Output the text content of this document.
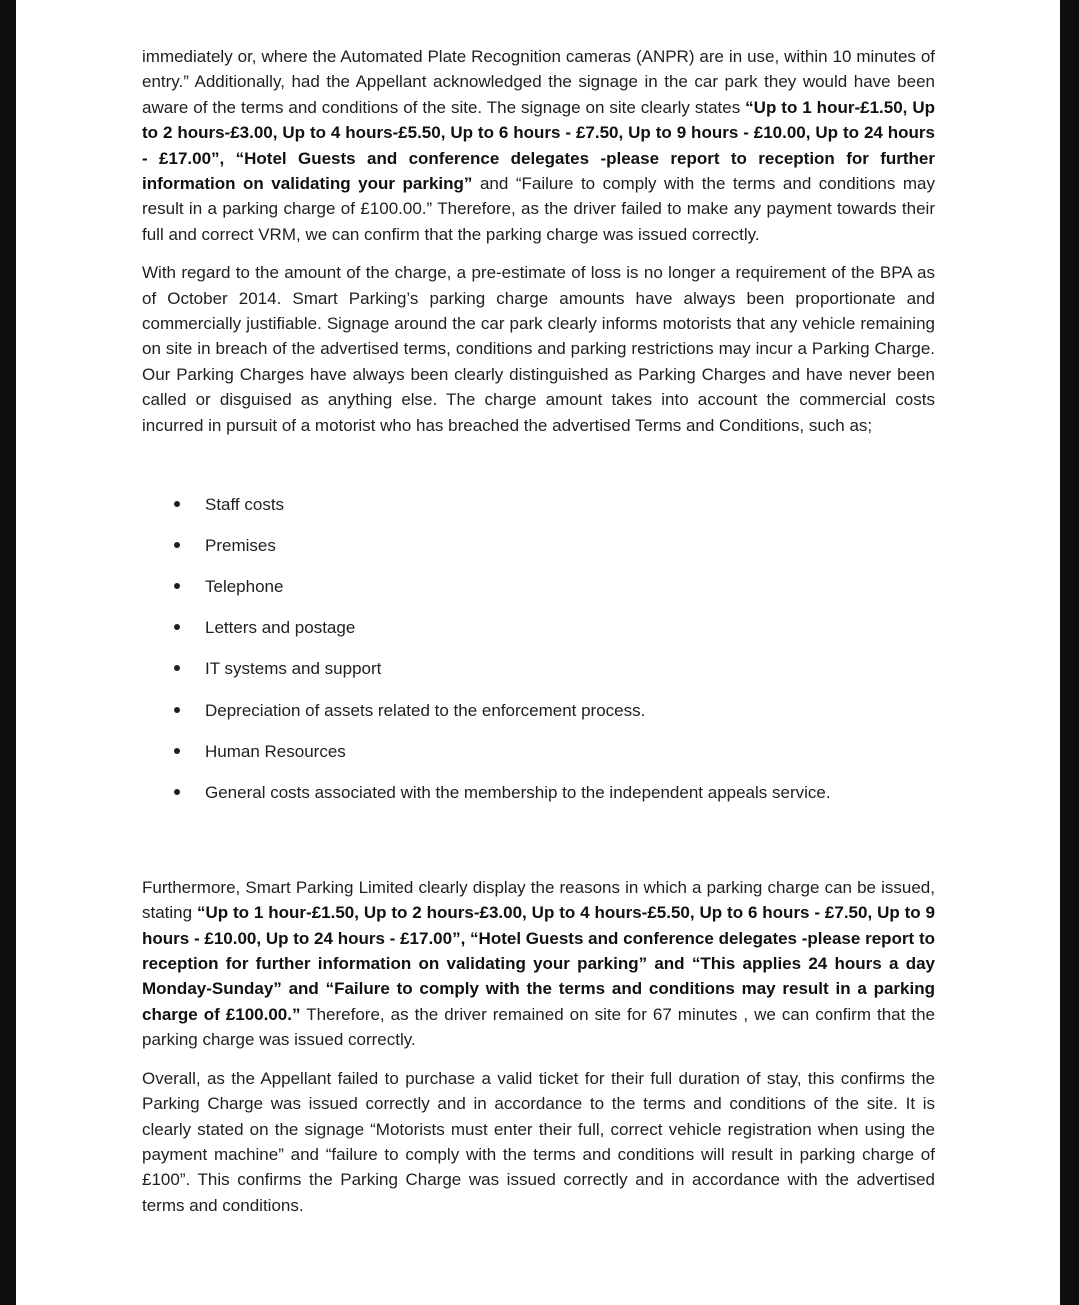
immediately or, where the Automated Plate Recognition cameras (ANPR) are in use, within 10 minutes of entry.” Additionally, had the Appellant acknowledged the signage in the car park they would have been aware of the terms and conditions of the site. The signage on site clearly states “Up to 1 hour-£1.50, Up to 2 hours-£3.00, Up to 4 hours-£5.50, Up to 6 hours - £7.50, Up to 9 hours - £10.00, Up to 24 hours - £17.00”, “Hotel Guests and conference delegates -please report to reception for further information on validating your parking” and “Failure to comply with the terms and conditions may result in a parking charge of £100.00.” Therefore, as the driver failed to make any payment towards their full and correct VRM, we can confirm that the parking charge was issued correctly.

With regard to the amount of the charge, a pre-estimate of loss is no longer a requirement of the BPA as of October 2014. Smart Parking’s parking charge amounts have always been proportionate and commercially justifiable. Signage around the car park clearly informs motorists that any vehicle remaining on site in breach of the advertised terms, conditions and parking restrictions may incur a Parking Charge. Our Parking Charges have always been clearly distinguished as Parking Charges and have never been called or disguised as anything else. The charge amount takes into account the commercial costs incurred in pursuit of a motorist who has breached the advertised Terms and Conditions, such as;

Staff costs
Premises
Telephone
Letters and postage
IT systems and support
Depreciation of assets related to the enforcement process.
Human Resources
General costs associated with the membership to the independent appeals service.

Furthermore, Smart Parking Limited clearly display the reasons in which a parking charge can be issued, stating “Up to 1 hour-£1.50, Up to 2 hours-£3.00, Up to 4 hours-£5.50, Up to 6 hours - £7.50, Up to 9 hours - £10.00, Up to 24 hours - £17.00”, “Hotel Guests and conference delegates -please report to reception for further information on validating your parking” and “This applies 24 hours a day Monday-Sunday” and “Failure to comply with the terms and conditions may result in a parking charge of £100.00.” Therefore, as the driver remained on site for 67 minutes , we can confirm that the parking charge was issued correctly.

Overall, as the Appellant failed to purchase a valid ticket for their full duration of stay, this confirms the Parking Charge was issued correctly and in accordance to the terms and conditions of the site. It is clearly stated on the signage “Motorists must enter their full, correct vehicle registration when using the payment machine” and “failure to comply with the terms and conditions will result in parking charge of £100”. This confirms the Parking Charge was issued correctly and in accordance with the advertised terms and conditions.
